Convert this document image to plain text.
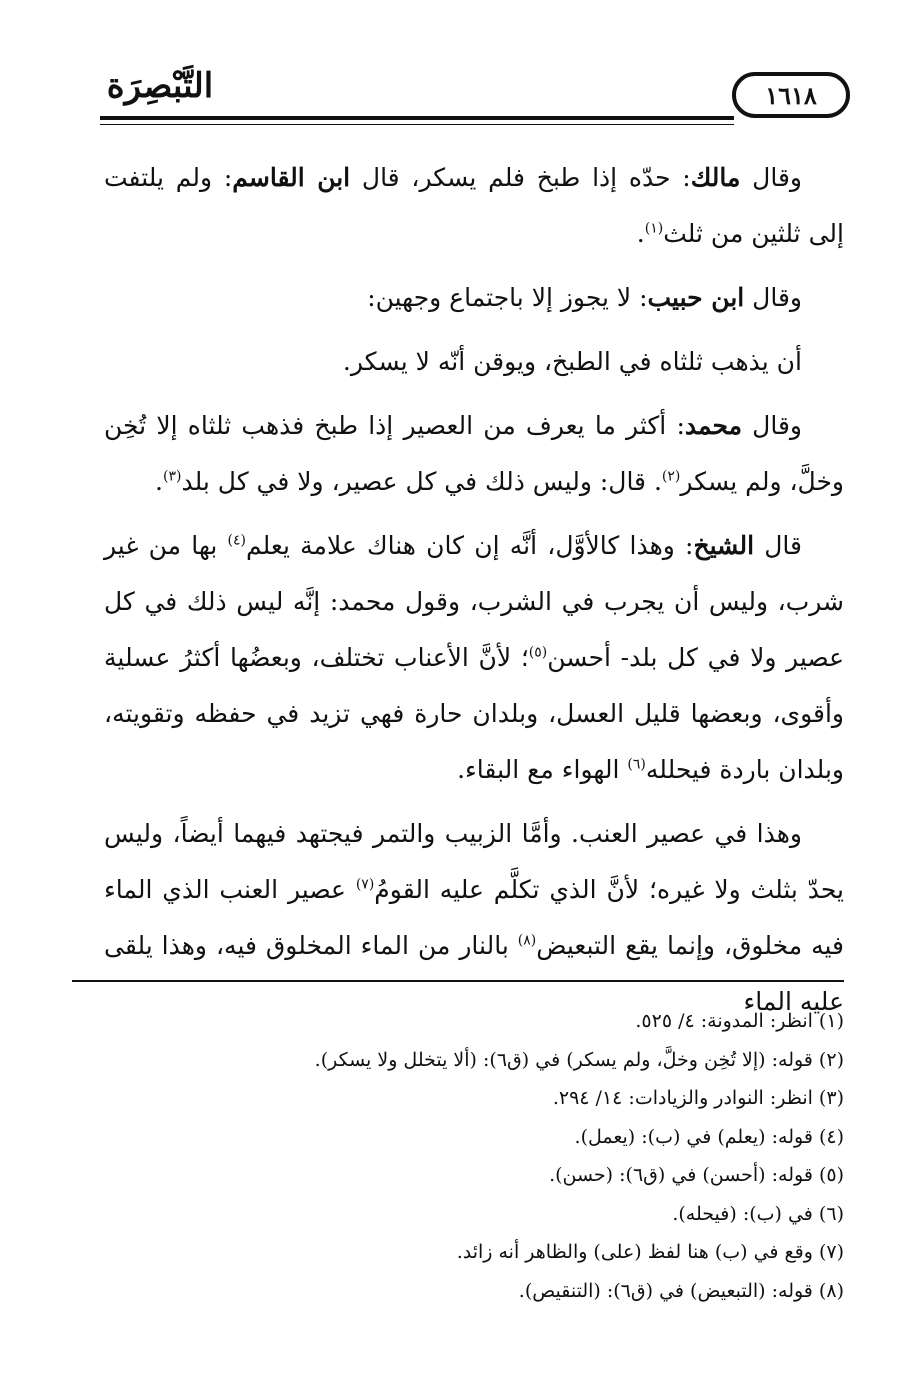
١٦١٨
التَّبْصِرَة

وقال مالك: حدّه إذا طبخ فلم يسكر، قال ابن القاسم: ولم يلتفت إلى ثلثين من ثلث$^{(١)}$.

وقال ابن حبيب: لا يجوز إلا باجتماع وجهين:

أن يذهب ثلثاه في الطبخ، ويوقن أنّه لا يسكر.

وقال محمد: أكثر ما يعرف من العصير إذا طبخ فذهب ثلثاه إلا تُخِن وخلَّ، ولم يسكر$^{(٢)}$. قال: وليس ذلك في كل عصير، ولا في كل بلد$^{(٣)}$.

قال الشيخ: وهذا كالأوَّل، أنَّه إن كان هناك علامة يعلم$^{(٤)}$ بها من غير شرب، وليس أن يجرب في الشرب، وقول محمد: إنَّه ليس ذلك في كل عصير ولا في كل بلد- أحسن$^{(٥)}$؛ لأنَّ الأعناب تختلف، وبعضُها أكثرُ عسلية وأقوى، وبعضها قليل العسل، وبلدان حارة فهي تزيد في حفظه وتقويته، وبلدان باردة فيحلله$^{(٦)}$ الهواء مع البقاء.

وهذا في عصير العنب. وأمَّا الزبيب والتمر فيجتهد فيهما أيضاً، وليس يحدّ بثلث ولا غيره؛ لأنَّ الذي تكلَّم عليه القومُ$^{(٧)}$ عصير العنب الذي الماء فيه مخلوق، وإنما يقع التبعيض$^{(٨)}$ بالنار من الماء المخلوق فيه، وهذا يلقى عليه الماء

(١) انظر: المدونة: ٤/ ٥٢٥.
(٢) قوله: (إلا تُخِن وخلَّ، ولم يسكر) في (ق٦): (ألا يتخلل ولا يسكر).
(٣) انظر: النوادر والزيادات: ١٤/ ٢٩٤.
(٤) قوله: (يعلم) في (ب): (يعمل).
(٥) قوله: (أحسن) في (ق٦): (حسن).
(٦) في (ب): (فيحله).
(٧) وقع في (ب) هنا لفظ (على) والظاهر أنه زائد.
(٨) قوله: (التبعيض) في (ق٦): (التنقيص).
